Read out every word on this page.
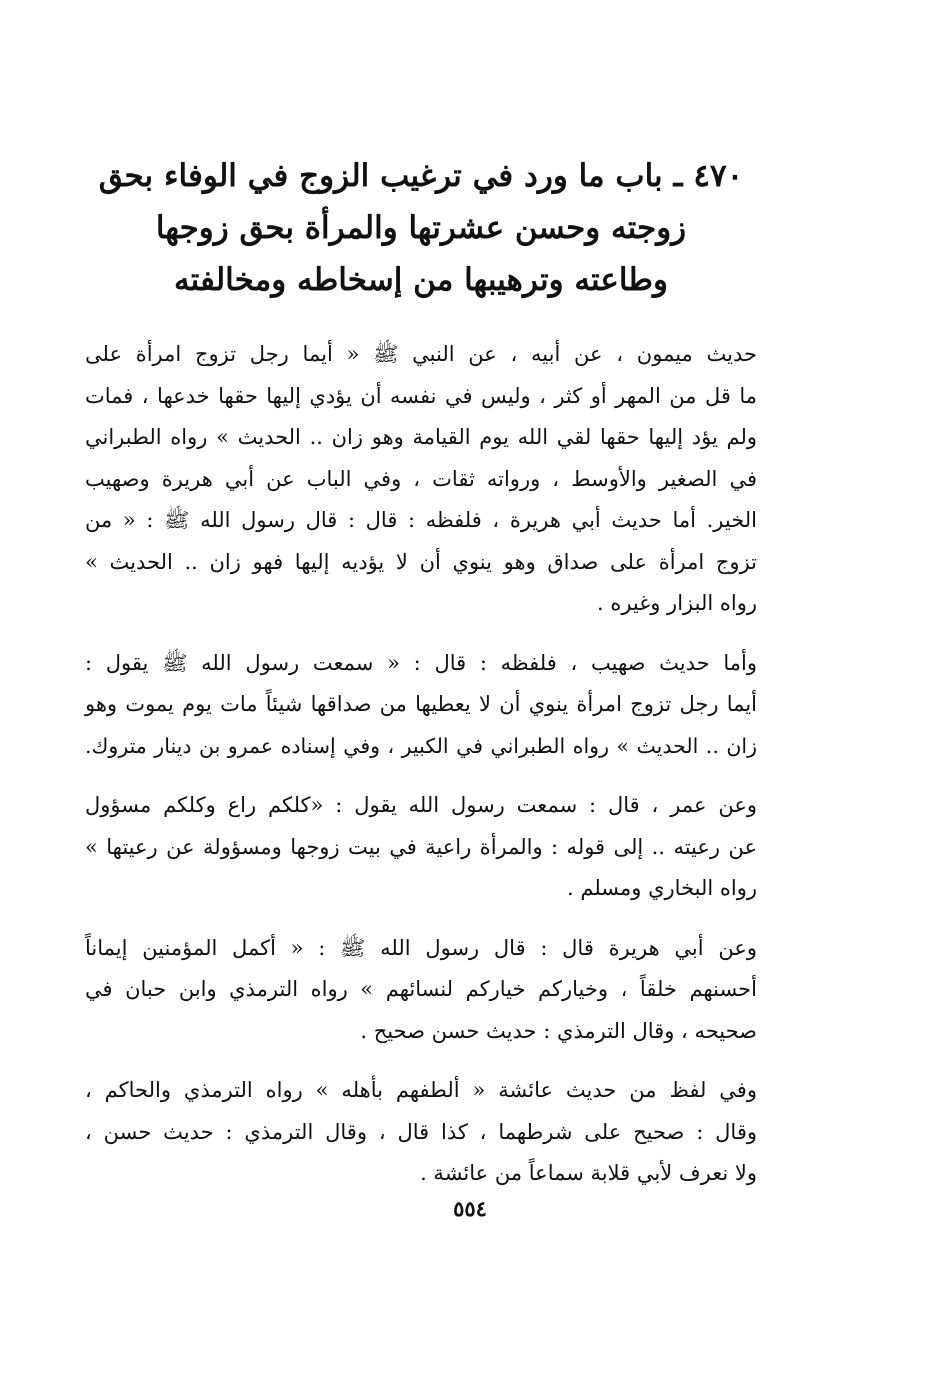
٤٧٠ ـ باب ما ورد في ترغيب الزوج في الوفاء بحق
زوجته وحسن عشرتها والمرأة بحق زوجها
وطاعته وترهيبها من إسخاطه ومخالفته
حديث ميمون ، عن أبيه ، عن النبي ﷺ « أيما رجل تزوج امرأة على
ما قل من المهر أو كثر ، وليس في نفسه أن يؤدي إليها حقها خدعها ، فمات
ولم يؤد إليها حقها لقي الله يوم القيامة وهو زان .. الحديث » رواه الطبراني
في الصغير والأوسط ، ورواته ثقات ، وفي الباب عن أبي هريرة وصهيب
الخير. أما حديث أبي هريرة ، فلفظه : قال : قال رسول الله ﷺ : « من
تزوج امرأة على صداق وهو ينوي أن لا يؤديه إليها فهو زان .. الحديث »
رواه البزار وغيره .
وأما حديث صهيب ، فلفظه : قال : « سمعت رسول الله ﷺ يقول :
أيما رجل تزوج امرأة ينوي أن لا يعطيها من صداقها شيئاً مات يوم يموت وهو
زان .. الحديث » رواه الطبراني في الكبير ، وفي إسناده عمرو بن دينار متروك.
وعن عمر ، قال : سمعت رسول الله يقول : «كلكم راع وكلكم مسؤول
عن رعيته .. إلى قوله : والمرأة راعية في بيت زوجها ومسؤولة عن رعيتها »
رواه البخاري ومسلم .
وعن أبي هريرة قال : قال رسول الله ﷺ : « أكمل المؤمنين إيماناً
أحسنهم خلقاً ، وخياركم خياركم لنسائهم » رواه الترمذي وابن حبان في
صحيحه ، وقال الترمذي : حديث حسن صحيح .
وفي لفظ من حديث عائشة « ألطفهم بأهله » رواه الترمذي والحاكم ،
وقال : صحيح على شرطهما ، كذا قال ، وقال الترمذي : حديث حسن ،
ولا نعرف لأبي قلابة سماعاً من عائشة .
٥٥٤
